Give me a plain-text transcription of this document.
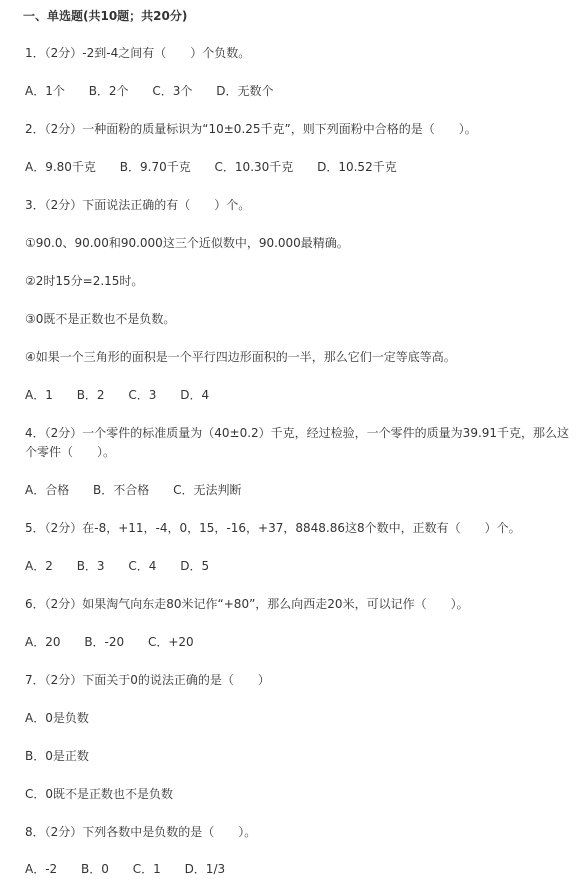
一、单选题(共10题；共20分)
1．（2分）-2到-4之间有（　　）个负数。
A．1个 B．2个 C．3个 D．无数个
2．（2分）一种面粉的质量标识为“10±0.25千克”，则下列面粉中合格的是（　　）。
A．9.80千克 B．9.70千克 C．10.30千克 D．10.52千克
3．（2分）下面说法正确的有（　　）个。
①90.0、90.00和90.000这三个近似数中，90.000最精确。
②2时15分=2.15时。
③0既不是正数也不是负数。
④如果一个三角形的面积是一个平行四边形面积的一半，那么它们一定等底等高。
A．1 B．2 C．3 D．4
4．（2分）一个零件的标准质量为（40±0.2）千克，经过检验，一个零件的质量为39.91千克，那么这个零件（　　）。
A．合格 B．不合格 C．无法判断
5．（2分）在-8，+11，-4，0，15，-16，+37，8848.86这8个数中，正数有（　　）个。
A．2 B．3 C．4 D．5
6．（2分）如果淘气向东走80米记作“+80”，那么向西走20米，可以记作（　　）。
A．20 B．-20 C．+20
7．（2分）下面关于0的说法正确的是（　　）
A．0是负数
B．0是正数
C．0既不是正数也不是负数
8．（2分）下列各数中是负数的是（　　）。
A．-2 B．0 C．1 D．1/3
